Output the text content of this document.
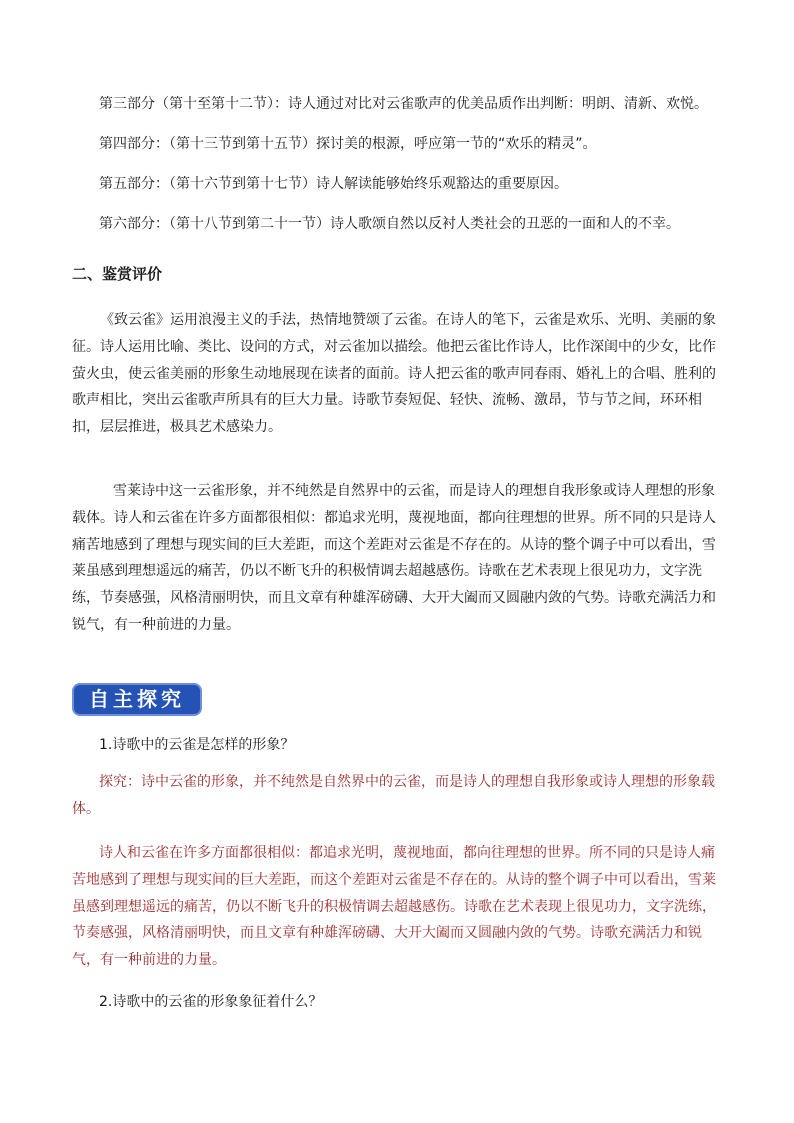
第三部分（第十至第十二节）：诗人通过对比对云雀歌声的优美品质作出判断：明朗、清新、欢悦。
第四部分：（第十三节到第十五节）探讨美的根源，呼应第一节的“欢乐的精灵”。
第五部分：（第十六节到第十七节）诗人解读能够始终乐观豁达的重要原因。
第六部分：（第十八节到第二十一节）诗人歌颂自然以反衬人类社会的丑恶的一面和人的不幸。
二、鉴赏评价
《致云雀》运用浪漫主义的手法，热情地赞颂了云雀。在诗人的笔下，云雀是欢乐、光明、美丽的象征。诗人运用比喻、类比、设问的方式，对云雀加以描绘。他把云雀比作诗人，比作深闺中的少女，比作萤火虫，使云雀美丽的形象生动地展现在读者的面前。诗人把云雀的歌声同春雨、婚礼上的合唱、胜利的歌声相比，突出云雀歌声所具有的巨大力量。诗歌节奏短促、轻快、流畅、激昂，节与节之间，环环相扣，层层推进，极具艺术感染力。
雪莱诗中这一云雀形象，并不纯然是自然界中的云雀，而是诗人的理想自我形象或诗人理想的形象载体。诗人和云雀在许多方面都很相似：都追求光明，蔑视地面，都向往理想的世界。所不同的只是诗人痛苦地感到了理想与现实间的巨大差距，而这个差距对云雀是不存在的。从诗的整个调子中可以看出，雪莱虽感到理想遥远的痛苦，仍以不断飞升的积极情调去超越感伤。诗歌在艺术表现上很见功力，文字洗练，节奏感强，风格清丽明快，而且文章有种雄浑磅礴、大开大阖而又圆融内敛的气势。诗歌充满活力和锐气，有一种前进的力量。
自主探究
1.诗歌中的云雀是怎样的形象？
探究：诗中云雀的形象，并不纯然是自然界中的云雀，而是诗人的理想自我形象或诗人理想的形象载体。
诗人和云雀在许多方面都很相似：都追求光明，蔑视地面，都向往理想的世界。所不同的只是诗人痛苦地感到了理想与现实间的巨大差距，而这个差距对云雀是不存在的。从诗的整个调子中可以看出，雪莱虽感到理想遥远的痛苦，仍以不断飞升的积极情调去超越感伤。诗歌在艺术表现上很见功力，文字洗练，节奏感强，风格清丽明快，而且文章有种雄浑磅礴、大开大阖而又圆融内敛的气势。诗歌充满活力和锐气，有一种前进的力量。
2.诗歌中的云雀的形象象征着什么？
